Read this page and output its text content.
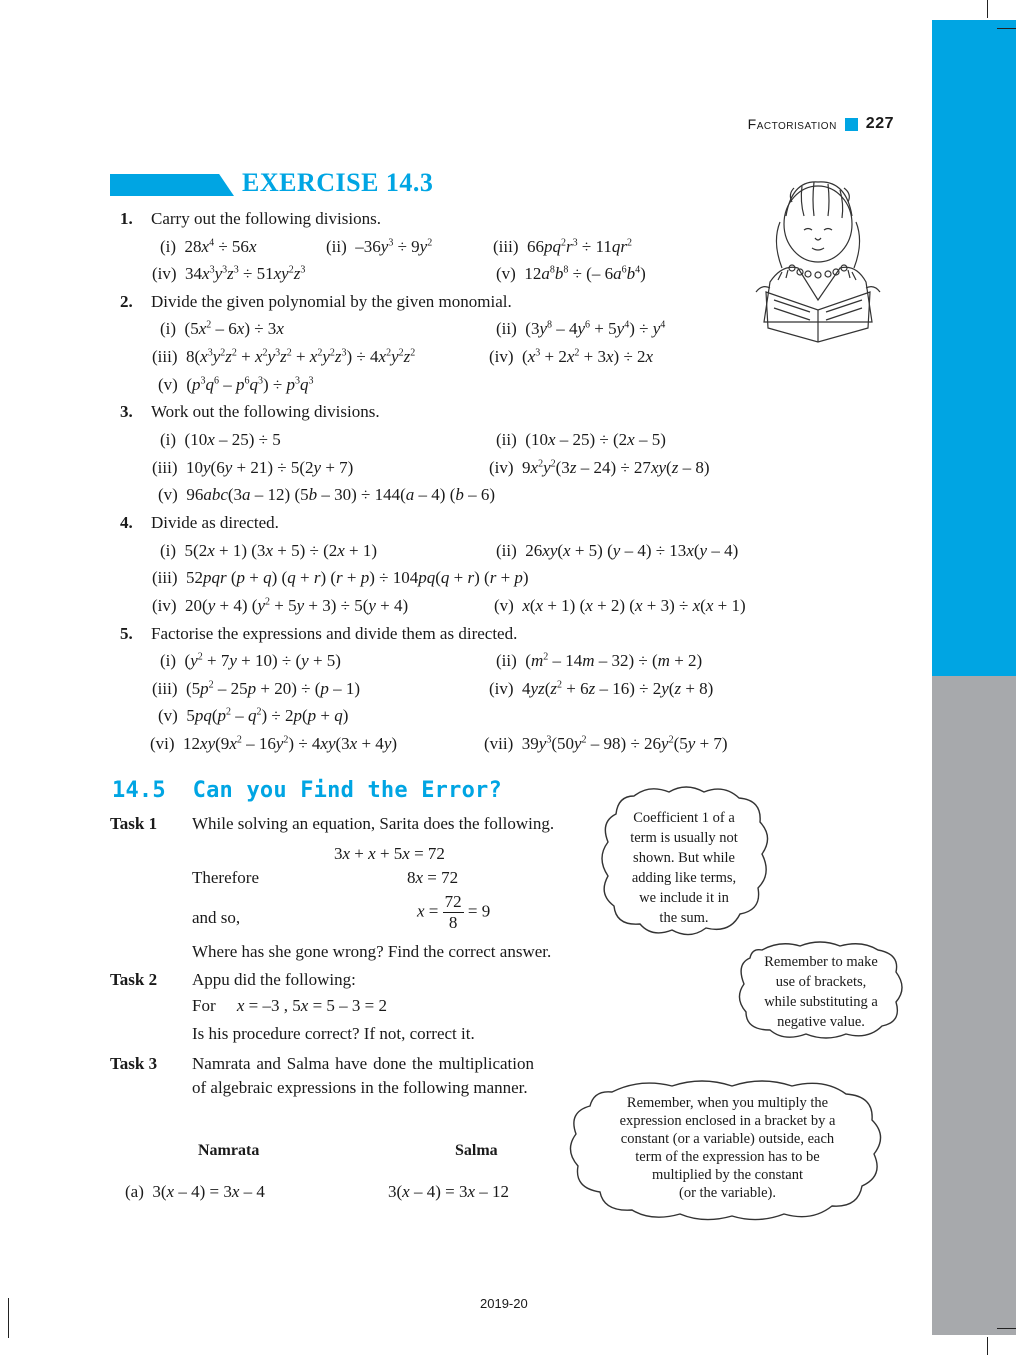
Factorisation 227
EXERCISE 14.3
1. Carry out the following divisions.
(i)  $28x^4 \div 56x$	(ii)  $-36y^3 \div 9y^2$	(iii)  $66pq^2r^3 \div 11qr^2$
(iv)  $34x^3y^3z^3 \div 51xy^2z^3$	(v)  $12a^8b^8$ ÷ (– $6a^6b^4$)
2. Divide the given polynomial by the given monomial.
(i)  $(5x^2 - 6x) \div 3x$	(ii)  $(3y^8 - 4y^6 + 5y^4) \div y^4$
(iii)  $8(x^3y^2z^2 + x^2y^3z^2 + x^2y^2z^3) \div 4x^2y^2z^2$	(iv)  $(x^3 + 2x^2 + 3x) \div 2x$
(v)  $(p^3q^6 - p^6q^3) \div p^3q^3$
3. Work out the following divisions.
(i)  (10x – 25) ÷ 5	(ii)  (10x – 25) ÷ (2x – 5)
(iii)  10y(6y + 21) ÷ 5(2y + 7)	(iv)  $9x^2y^2(3z - 24) \div 27xy(z - 8)$
(v)  96abc(3a – 12) (5b – 30) ÷ 144(a – 4) (b – 6)
4. Divide as directed.
(i)  5(2x + 1) (3x + 5) ÷ (2x + 1)	(ii)  26xy(x + 5) (y – 4) ÷ 13x(y – 4)
(iii)  52pqr (p + q) (q + r) (r + p) ÷ 104pq(q + r) (r + p)
(iv)  20(y + 4) $(y^2 + 5y + 3) \div 5(y + 4)$	(v) x(x + 1) (x + 2) (x + 3) ÷ x(x + 1)
5. Factorise the expressions and divide them as directed.
(i)  $(y^2 + 7y + 10) \div (y + 5)$	(ii)  $(m^2 - 14m - 32) \div (m + 2)$
(iii)  $(5p^2 - 25p + 20) \div (p - 1)$	(iv)  $4yz(z^2 + 6z - 16) \div 2y(z + 8)$
(v)  $5pq(p^2 - q^2) \div 2p(p + q)$
(vi)  $12xy(9x^2 - 16y^2) \div 4xy(3x + 4y)$	(vii)  $39y^3(50y^2 - 98) \div 26y^2(5y + 7)$
14.5  Can you Find the Error?
Task 1 While solving an equation, Sarita does the following.
3x + x + 5x = 72
Therefore	8x = 72
and so,	$x = \frac{72}{8} = 9$
Where has she gone wrong? Find the correct answer.
Task 2 Appu did the following:
For x = –3 , 5x = 5 – 3 = 2
Is his procedure correct? If not, correct it.
Task 3 Namrata and Salma have done the multiplication of algebraic expressions in the following manner.
Namrata	Salma
(a)  3(x – 4) = 3x – 4	3(x – 4) = 3x – 12
Coefficient 1 of a
term is usually not
shown. But while
adding like terms,
we include it in
the sum.
Remember to make
use of brackets,
while substituting a
negative value.
Remember, when you multiply the
expression enclosed in a bracket by a
constant (or a variable) outside, each
term of the expression has to be
multiplied by the constant
(or the variable).
2019-20
